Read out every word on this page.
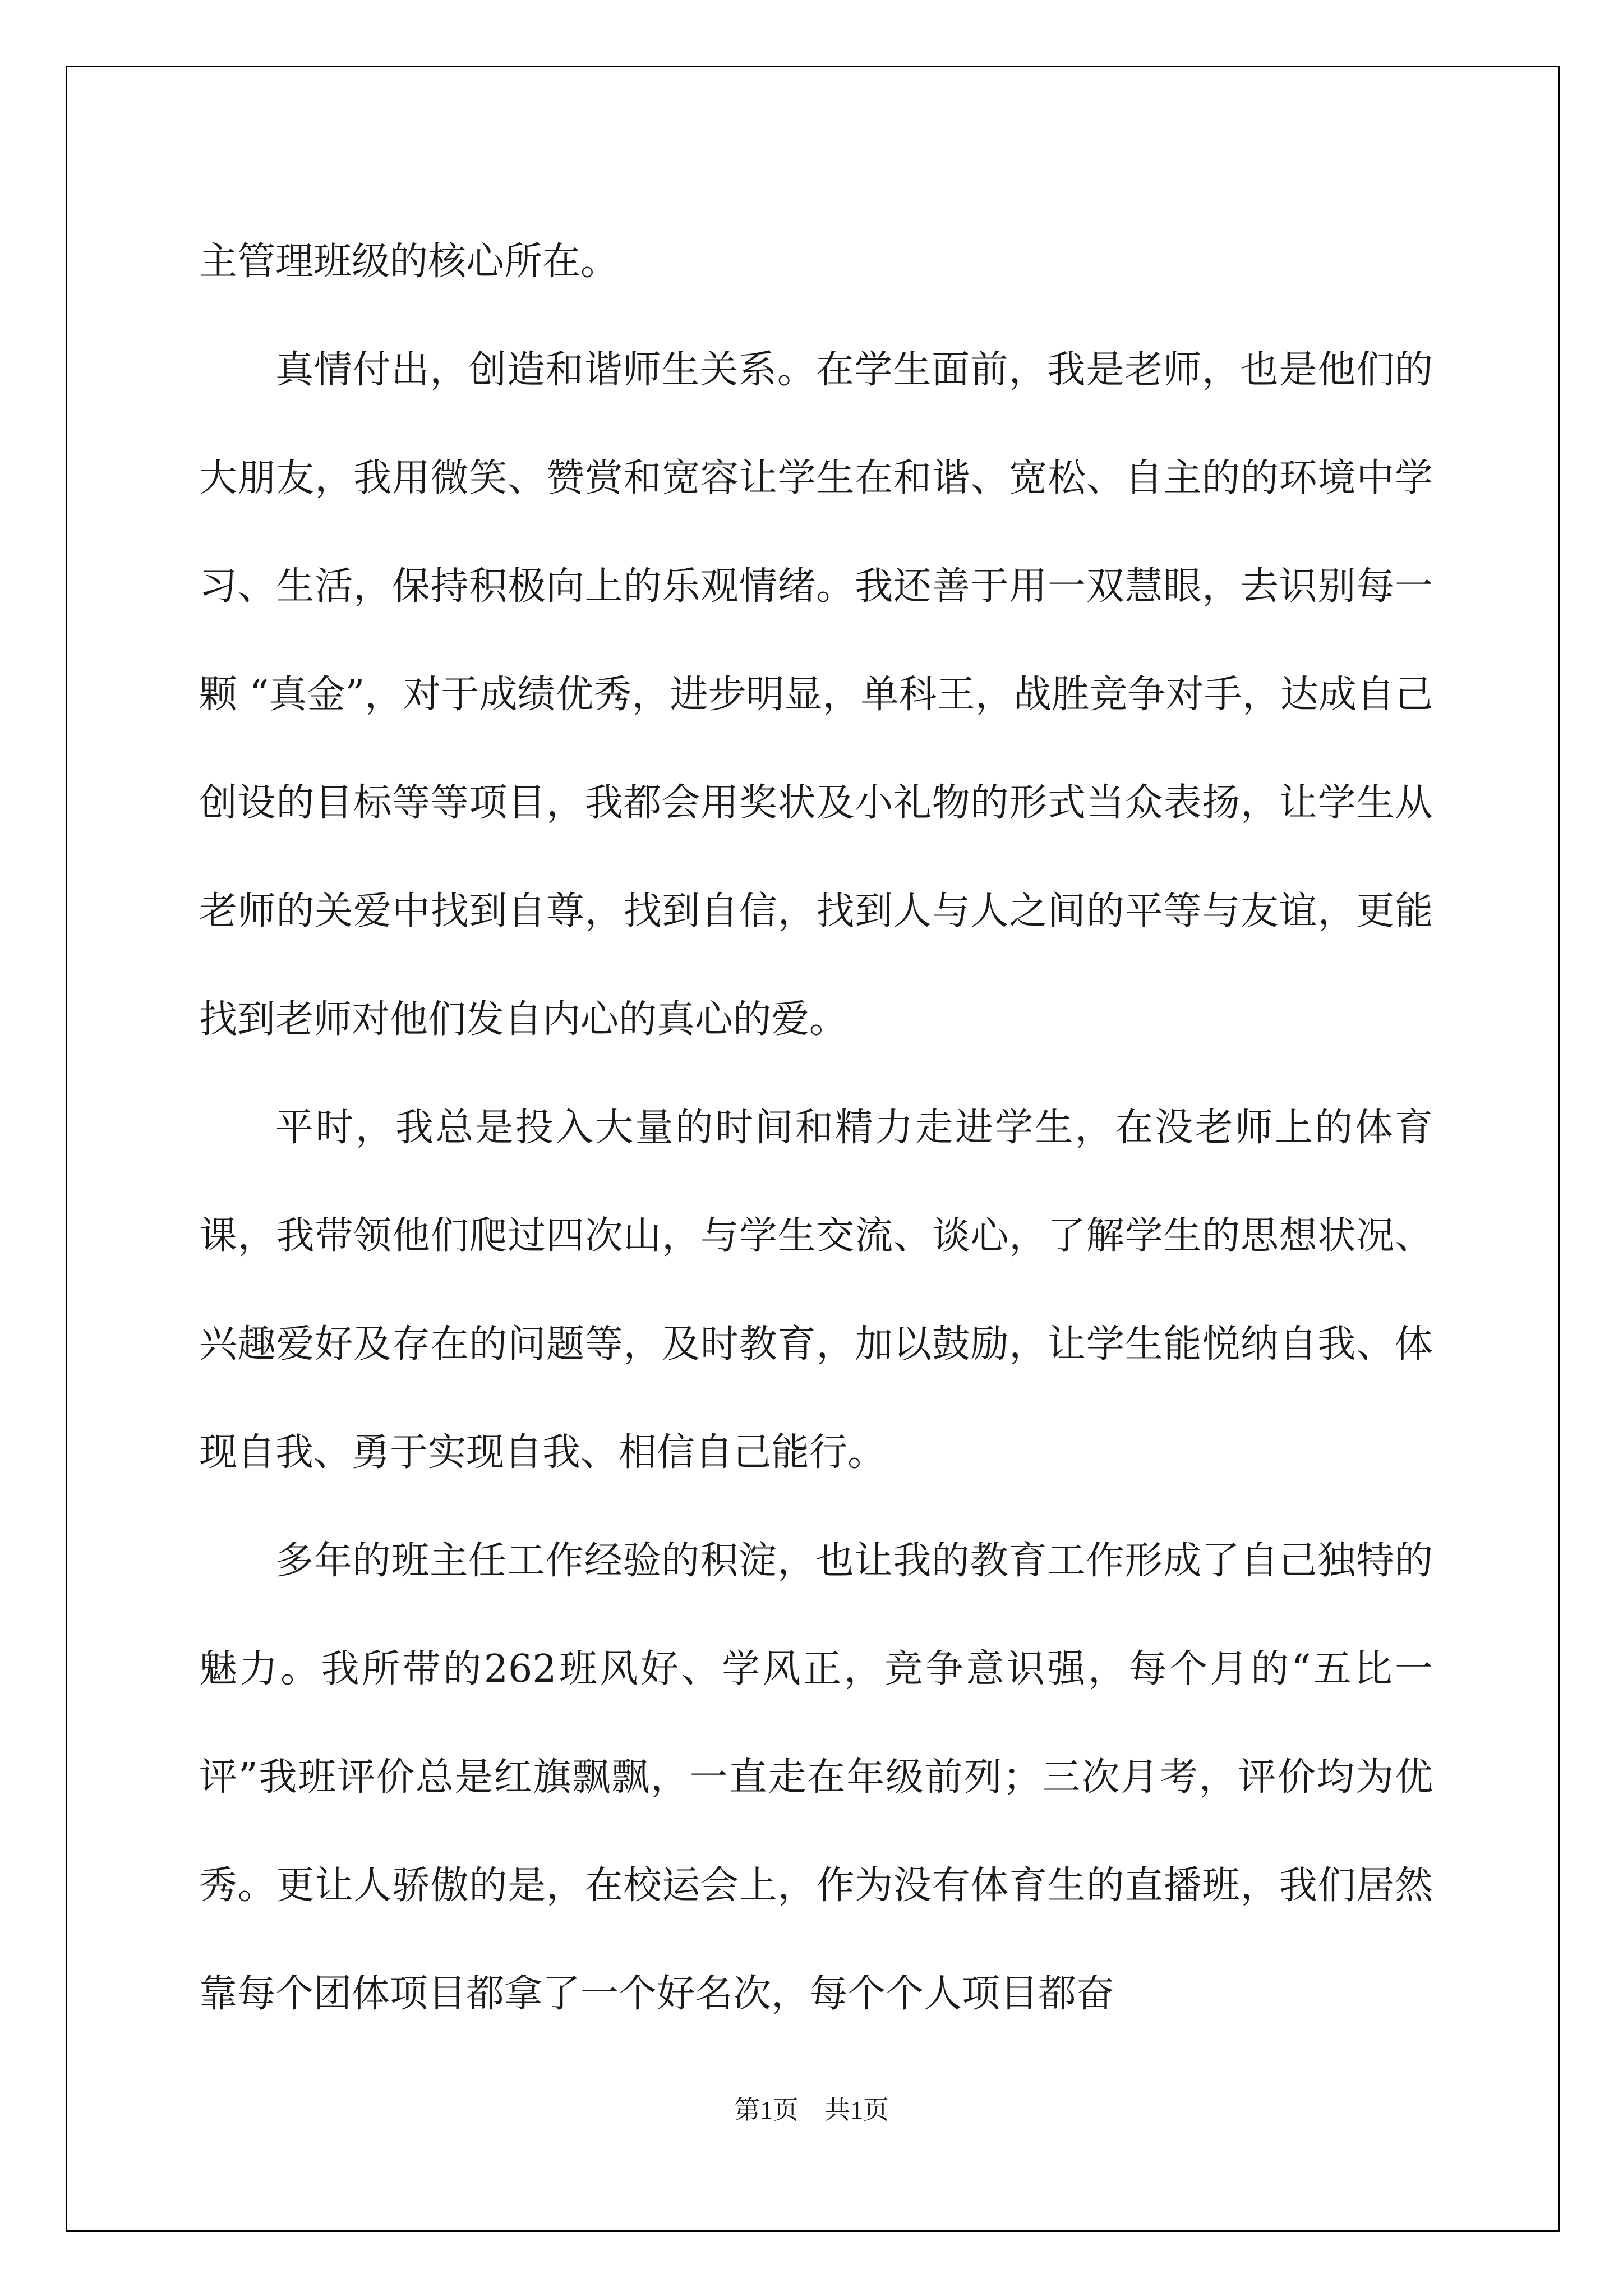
主管理班级的核心所在。

真情付出，创造和谐师生关系。在学生面前，我是老师，也是他们的大朋友，我用微笑、赞赏和宽容让学生在和谐、宽松、自主的的环境中学习、生活，保持积极向上的乐观情绪。我还善于用一双慧眼，去识别每一颗 “真金”，对于成绩优秀，进步明显，单科王，战胜竞争对手，达成自己创设的目标等等项目，我都会用奖状及小礼物的形式当众表扬，让学生从老师的关爱中找到自尊，找到自信，找到人与人之间的平等与友谊，更能找到老师对他们发自内心的真心的爱。

平时，我总是投入大量的时间和精力走进学生，在没老师上的体育课，我带领他们爬过四次山，与学生交流、谈心，了解学生的思想状况、兴趣爱好及存在的问题等，及时教育，加以鼓励，让学生能悦纳自我、体现自我、勇于实现自我、相信自己能行。

多年的班主任工作经验的积淀，也让我的教育工作形成了自己独特的魅力。我所带的262班风好、学风正，竞争意识强，每个月的“五比一评”我班评价总是红旗飘飘，一直走在年级前列；三次月考，评价均为优秀。更让人骄傲的是，在校运会上，作为没有体育生的直播班，我们居然靠每个团体项目都拿了一个好名次，每个个人项目都奋

第1页 共1页
